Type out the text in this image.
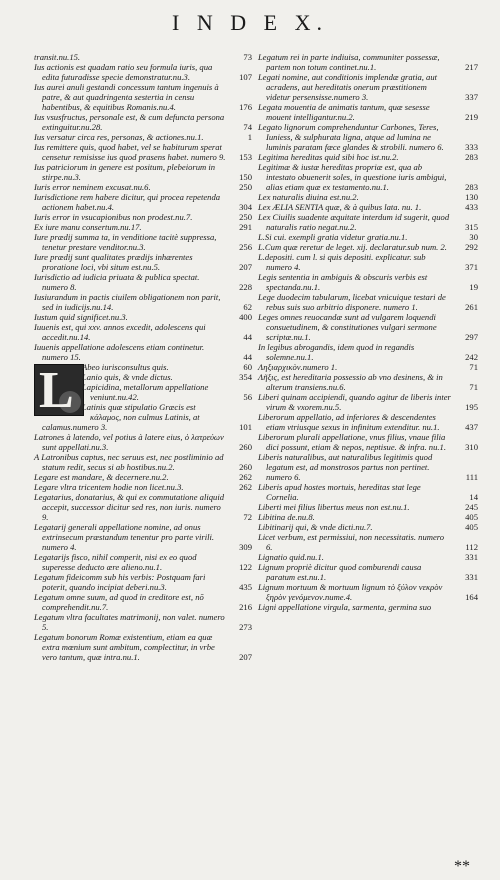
I N D E X.
transit.nu.15.	73
Ius actionis est quadam ratio seu formula iuris, qua edita futuradisse specie demonstratur.nu.3.	107
Ius aurei anuli gestandi concessum tantum ingenuis à patre, & aut quadringenta sestertia in censu habentibus, & equitibus Romanis.nu.4.	176
Ius vsusfructus, personale est, & cum defuncta persona extinguitur.nu.28.	74
Ius versatur circa res, personas, & actiones.nu.1.	1
Ius remittere quis, quod habet, vel se habiturum sperat censetur remisisse ius quod prasens habet. numero 9. 153
Ius patriciorum in genere est positum, plebeiorum in stirpe.nu.3.	150
Iuris error neminem excusat.nu.6.	250
Iurisdictione rem habere dicitur, qui procea repetenda actionem habet.nu.4.	304
Iuris error in vsucapionibus non prodest.nu.7.	250
Ex iure manu consertum.nu.17.	291
Iure prædij summa ta, in venditione tacitè suppressa, tenetur prestare venditor.nu.3.	256
Iure prædij sunt qualitates prædijs inhærentes proratione loci, vbi situm est.nu.5.	207
Iurisdictio ad iudicia priuata & publica spectat. numero 8.	228
Iusiurandum in pactis ciuilem obligationem non parit, sed in iudicijs.nu.14.	62
Iustum quid significet.nu.3.	400
Iuuenis est, qui xxv. annos excedit, adolescens qui accedit.nu.14.	44
Iuuenis appellatione adolescens etiam continetur. numero 15.	44
L Abeo iurisconsultus quis.	60
Lanio quis, & vnde dictus.	354
Lapicidina, metallorum appellatione veniunt.nu.42.	56
Latinis quæ stipulatio Græcis est κάλαμος, non culmus Latinis, at calamus.numero 3.	101
Latrones à latendo, vel potius à latere eius, ὁ λατρεύων sunt appellati.nu.3.	260
A Latronibus captus, nec seruus est, nec postliminio ad statum redit, secus si ab hostibus.nu.2.	260
Legare est mandare, & decernere.nu.2.	262
Legare vltra tricentem hodie non licet.nu.3.	262
Legatarius, donatarius, & qui ex commutatione aliquid accepit, successor dicitur sed res, non iuris. numero 9.	72
Legatarij generali appellatione nomine, ad onus extrinsecum præstandum tenentur pro parte virili. numero 4.	309
Legatarijs fisco, nihil comperit, nisi ex eo quod superesse deducto ære alieno.nu.1.	122
Legatum fideicomm sub his verbis: Postquam fari poterit, quando incipiat deberi.nu.3.	435
Legatum omne suum, ad quod in creditore est, nō comprehendit.nu.7.	216
Legatum vltra facultates matrimonij, non valet. numero 5.	273
Legatum bonorum Romæ existentium, etiam ea quæ extra mœnium sunt ambitum, complectitur, in vrbe vero tantum, quæ intra.nu.1.	207
Legatum rei in parte indiuisa, communiter possessæ, partem non totum continet.nu.1.	217
Legati nomine, aut conditionis implendæ gratia, aut acradens, aut hereditatis onerum præstitionem videtur persensisse.numero 3.	337
Legata mouentia de animatis tantum, quæ sesesse mouent intelligantur.nu.2.	219
Legato lignorum comprehenduntur Carbones, Teres, Iuniess, & sulphurata ligna, atque ad lumina ne luminis paratam fæce glandes & strobili. numero 6. 333
Legitima hereditas quid sibi hoc ist.nu.2.	283
Legitimæ & iustæ hereditas propriæ est, qua ab intestato obuenerit soles, in questione iuris ambigui, alias etiam quæ ex testamento.nu.1.	283
Lex naturalis diuina est.nu.2.	130
Lex ÆLIA SENTIA quæ, & à quibus lata. nu. 1.	433
Lex Ciuilis suadente æquitate interdum id sugerit, quod naturalis ratio negat.nu.2.	315
L.Si cui. exempli gratia videtur gratia.nu.1.	30
L.Cum quæ reretur de leget. xij. declaratur.sub num. 2. 292
L.depositi. cum l. si quis depositi. explicatur. sub numero 4.	371
Legis sententia in ambiguis & obscuris verbis est spectanda.nu.1.	19
Lege duodecim tabularum, licebat vnicuique testari de rebus suis suo arbitrio disponere. numero 1.	261
Leges omnes reuocandæ sunt ad vulgarem loquendi consuetudinem, & constitutiones vulgari sermone scriptæ.nu.1.	297
In legibus abrogandis, idem quod in regandis solemne.nu.1.	242
Ληξιαρχικὸν.numero 1.	71
Λῆξις, est hereditaria possessio ab vno desinens, & in alterum transiens.nu.6.	71
Liberi quinam accipiendi, quando agitur de liberis inter virum & vxorem.nu.5.	195
Liberorum appellatio, ad inferiores & descendentes etiam vtriusque sexus in infinitum extenditur. nu.1.	437
Liberorum plurali appellatione, vnus filius, vnaue filia dici possunt, etiam & nepos, neptisue. & infra. nu.1. 310
Liberis naturalibus, aut naturalibus legitimis quod legatum est, ad monstrosos partus non pertinet. numero 6.	111
Liberis apud hostes mortuis, hereditas stat lege Cornelia.	14
Liberti mei filius libertus meus non est.nu.1.	245
Libitina de.nu.8.	405
Libitinarij qui, & vnde dicti.nu.7.	405
Licet verbum, est permissiui, non necessitatis. numero 6.	112
Lignatio quid.nu.1.	331
Lignum propriè dicitur quod comburendi causa paratum est.nu.1.	331
Lignum mortuum & mortuum lignum τὸ ξύλον νεκρὸν ξηρὸν γενόμενον.nume.4.	164
Ligni appellatione virgula, sarmenta, germina suo
**
